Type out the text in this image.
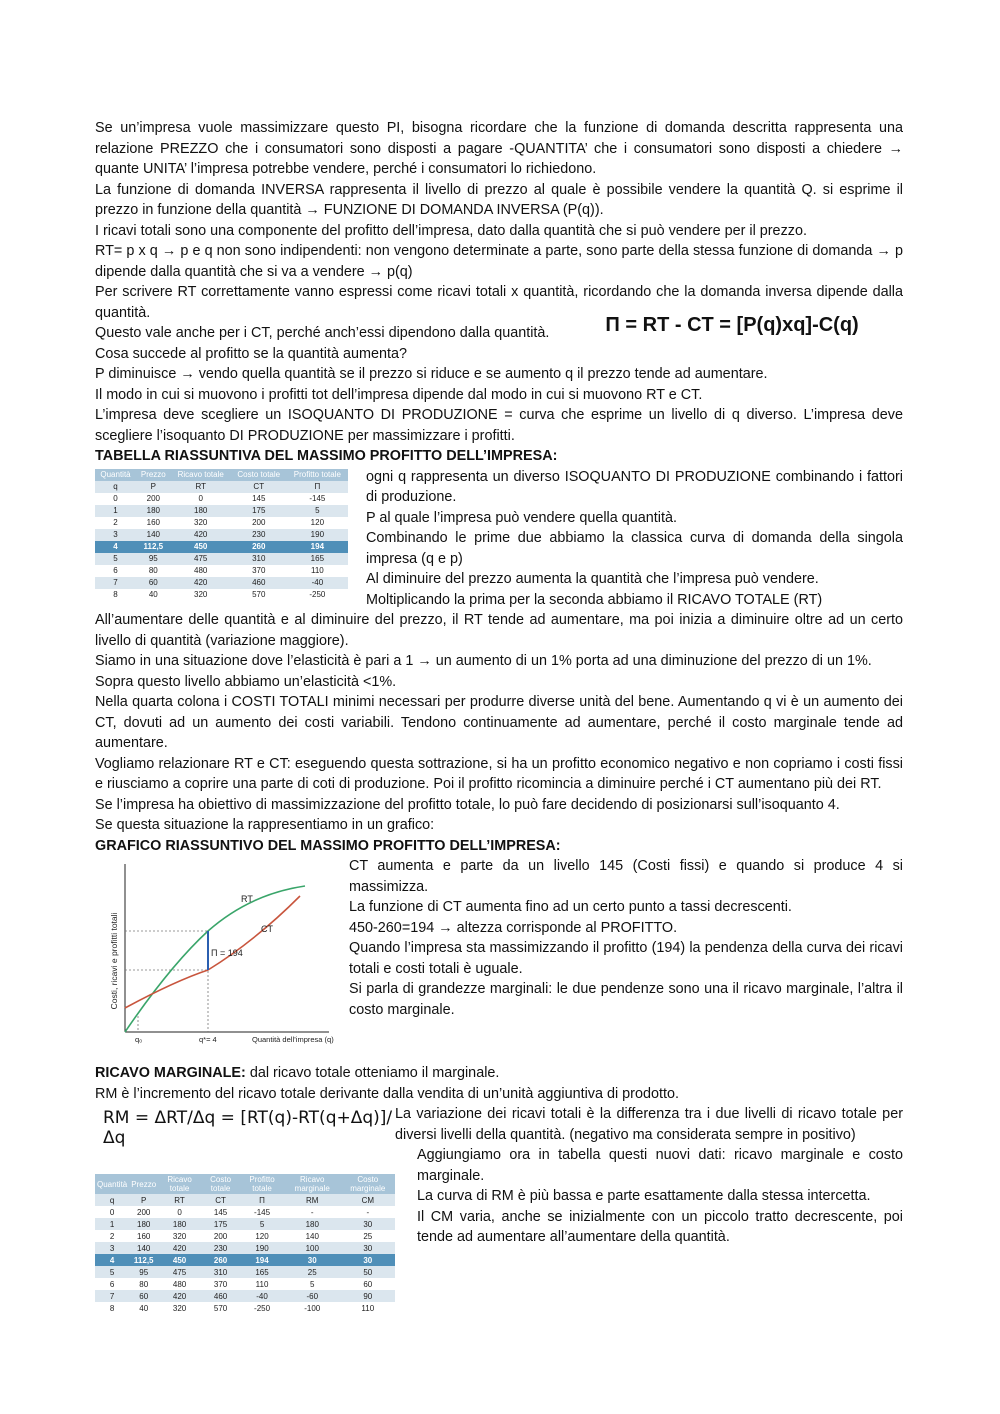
Se un’impresa vuole massimizzare questo PI, bisogna ricordare che la funzione di domanda descritta rappresenta una relazione PREZZO che i consumatori sono disposti a pagare -QUANTITA’ che i consumatori sono disposti a chiedere → quante UNITA’ l’impresa potrebbe vendere, perché i consumatori lo richiedono.

La funzione di domanda INVERSA rappresenta il livello di prezzo al quale è possibile vendere la quantità Q. si esprime il prezzo in funzione della quantità → FUNZIONE DI DOMANDA INVERSA (P(q)).

I ricavi totali sono una componente del profitto dell’impresa, dato dalla quantità che si può vendere per il prezzo.

RT= p x q → p e q non sono indipendenti: non vengono determinate a parte, sono parte della stessa funzione di domanda → p dipende dalla quantità che si va a vendere → p(q)

Per scrivere RT correttamente vanno espressi come ricavi totali x quantità, ricordando che la domanda inversa dipende dalla quantità.

Questo vale anche per i CT, perché anch’essi dipendono dalla quantità.	Π = RT - CT = [P(q)xq]-C(q)

Cosa succede al profitto se la quantità aumenta?

P diminuisce → vendo quella quantità se il prezzo si riduce e se aumento q il prezzo tende ad aumentare.

Il modo in cui si muovono i profitti tot dell’impresa dipende dal modo in cui si muovono RT e CT.

L’impresa deve scegliere un ISOQUANTO DI PRODUZIONE = curva che esprime un livello di q diverso. L’impresa deve scegliere l’isoquanto DI PRODUZIONE per massimizzare i profitti.

TABELLA RIASSUNTIVA DEL MASSIMO PROFITTO DELL’IMPRESA:

Quantità	Prezzo	Ricavo totale	Costo totale	Profitto totale
q	P	RT	CT	Π
0	200	0	145	-145
1	180	180	175	5
2	160	320	200	120
3	140	420	230	190
4	112,5	450	260	194
5	95	475	310	165
6	80	480	370	110
7	60	420	460	-40
8	40	320	570	-250

ogni q rappresenta un diverso ISOQUANTO DI PRODUZIONE combinando i fattori di produzione.

P al quale l’impresa può vendere quella quantità.

Combinando le prime due abbiamo la classica curva di domanda della singola impresa (q e p)

Al diminuire del prezzo aumenta la quantità che l’impresa può vendere.

Moltiplicando la prima per la seconda abbiamo il RICAVO TOTALE (RT)

All’aumentare delle quantità e al diminuire del prezzo, il RT tende ad aumentare, ma poi inizia a diminuire oltre ad un certo livello di quantità (variazione maggiore).

Siamo in una situazione dove l’elasticità è pari a 1 → un aumento di un 1% porta ad una diminuzione del prezzo di un 1%.

Sopra questo livello abbiamo un’elasticità <1%.

Nella quarta colona i COSTI TOTALI minimi necessari per produrre diverse unità del bene. Aumentando q vi è un aumento dei CT, dovuti ad un aumento dei costi variabili. Tendono continuamente ad aumentare, perché il costo marginale tende ad aumentare.

Vogliamo relazionare RT e CT: eseguendo questa sottrazione, si ha un profitto economico negativo e non copriamo i costi fissi e riusciamo a coprire una parte di coti di produzione. Poi il profitto ricomincia a diminuire perché i CT aumentano più dei RT.

Se l’impresa ha obiettivo di massimizzazione del profitto totale, lo può fare decidendo di posizionarsi sull’isoquanto 4.

Se questa situazione la rappresentiamo in un grafico:

GRAFICO RIASSUNTIVO DEL MASSIMO PROFITTO DELL’IMPRESA:

Costi, ricavi e profitti totali
RT
CT
Π = 194
q₀	q*= 4	Quantità dell’impresa (q)

CT aumenta e parte da un livello 145 (Costi fissi) e quando si produce 4 si massimizza.

La funzione di CT aumenta fino ad un certo punto a tassi decrescenti.

450-260=194 → altezza corrisponde al PROFITTO.

Quando l’impresa sta massimizzando il profitto (194) la pendenza della curva dei ricavi totali e costi totali è uguale.

Si parla di grandezze marginali: le due pendenze sono una il ricavo marginale, l’altra il costo marginale.

RICAVO MARGINALE: dal ricavo totale otteniamo il marginale.

RM è l’incremento del ricavo totale derivante dalla vendita di un’unità aggiuntiva di prodotto.

RM = ΔRT/Δq = [RT(q)-RT(q+Δq)]/Δq
Quantità	Prezzo	Ricavo totale	Costo totale	Profitto totale	Ricavo marginale	Costo marginale
q	P	RT	CT	Π	RM	CM
0	200	0	145	-145	-	-
1	180	180	175	5	180	30
2	160	320	200	120	140	25
3	140	420	230	190	100	30
4	112,5	450	260	194	30	30
5	95	475	310	165	25	50
6	80	480	370	110	5	60
7	60	420	460	-40	-60	90
8	40	320	570	-250	-100	110

La variazione dei ricavi totali è la differenza tra i due livelli di ricavo totale per diversi livelli della quantità. (negativo ma considerata sempre in positivo)

Aggiungiamo ora in tabella questi nuovi dati: ricavo marginale e costo marginale.

La curva di RM è più bassa e parte esattamente dalla stessa intercetta.

Il CM varia, anche se inizialmente con un piccolo tratto decrescente, poi tende ad aumentare all’aumentare della quantità.
